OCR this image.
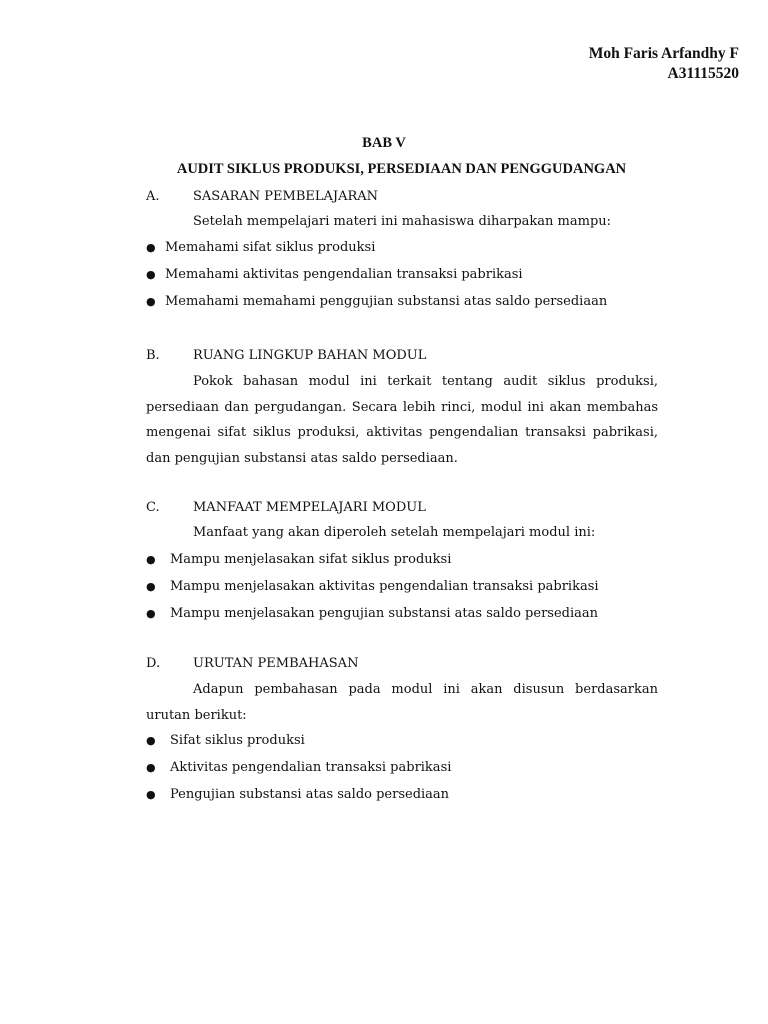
Moh Faris Arfandhy F
A31115520
BAB V
AUDIT SIKLUS PRODUKSI, PERSEDIAAN DAN PENGGUDANGAN
A.	SASARAN PEMBELAJARAN
Setelah mempelajari materi ini mahasiswa diharpakan mampu:
● Memahami sifat siklus produksi
● Memahami aktivitas pengendalian transaksi pabrikasi
● Memahami memahami penggujian substansi atas saldo persediaan
B.	RUANG LINGKUP BAHAN MODUL
Pokok bahasan modul ini terkait tentang audit siklus produksi, persediaan dan pergudangan. Secara lebih rinci, modul ini akan membahas mengenai sifat siklus produksi, aktivitas pengendalian transaksi pabrikasi, dan pengujian substansi atas saldo persediaan.
C.	MANFAAT MEMPELAJARI MODUL
Manfaat yang akan diperoleh setelah mempelajari modul ini:
● Mampu menjelasakan sifat siklus produksi
● Mampu menjelasakan aktivitas pengendalian transaksi pabrikasi
● Mampu menjelasakan pengujian substansi atas saldo persediaan
D.	URUTAN PEMBAHASAN
Adapun pembahasan pada modul ini akan disusun berdasarkan urutan berikut:
● Sifat siklus produksi
● Aktivitas pengendalian transaksi pabrikasi
● Pengujian substansi atas saldo persediaan
